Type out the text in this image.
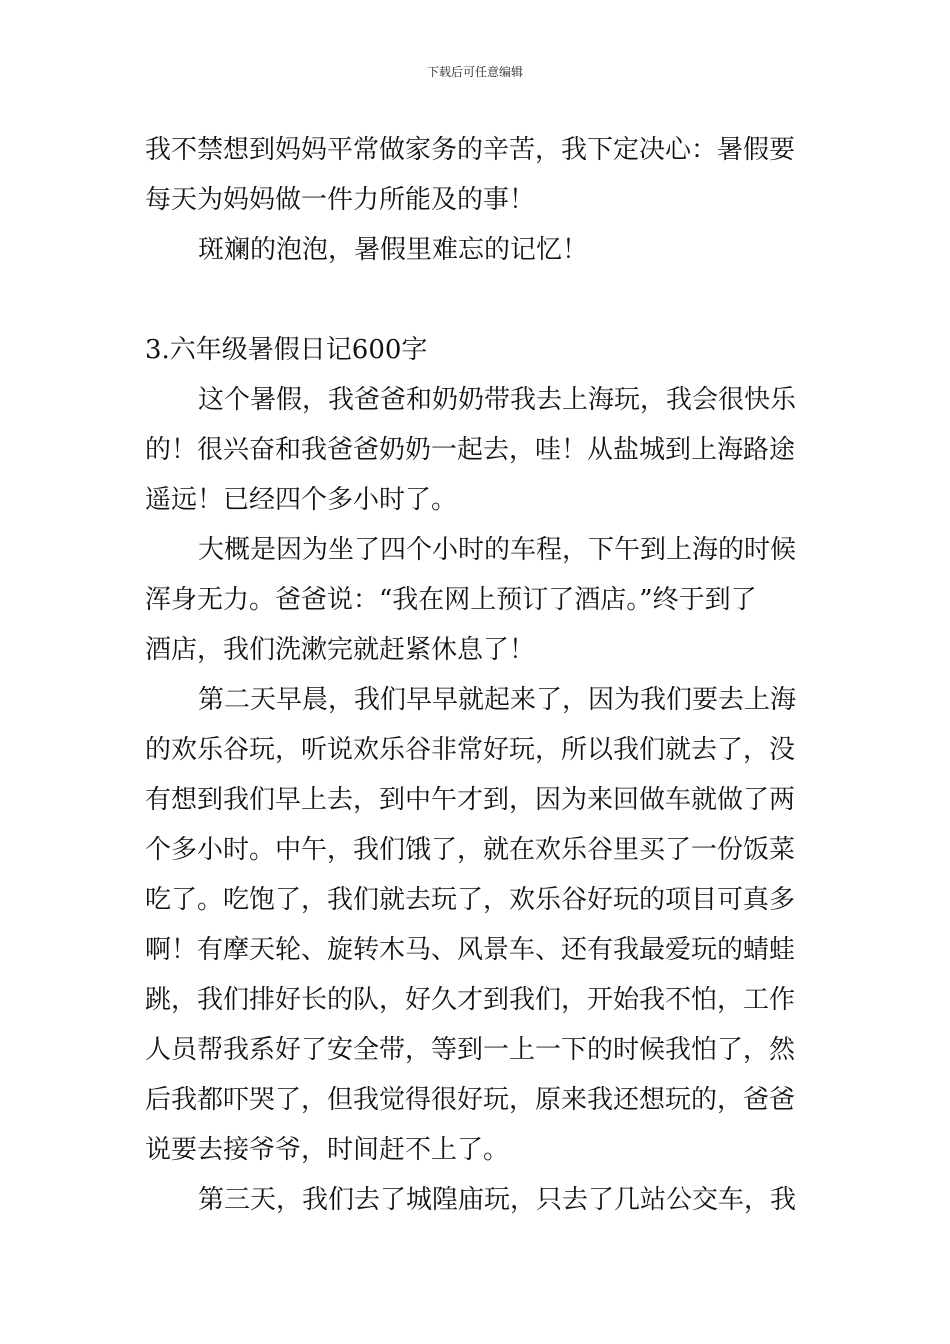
下载后可任意编辑
我不禁想到妈妈平常做家务的辛苦，我下定决心：暑假要
每天为妈妈做一件力所能及的事！
斑斓的泡泡，暑假里难忘的记忆！
3.六年级暑假日记600字
这个暑假，我爸爸和奶奶带我去上海玩，我会很快乐
的！很兴奋和我爸爸奶奶一起去，哇！从盐城到上海路途
遥远！已经四个多小时了。
大概是因为坐了四个小时的车程，下午到上海的时候
浑身无力。爸爸说：“我在网上预订了酒店。”终于到了
酒店，我们洗漱完就赶紧休息了！
第二天早晨，我们早早就起来了，因为我们要去上海
的欢乐谷玩，听说欢乐谷非常好玩，所以我们就去了，没
有想到我们早上去，到中午才到，因为来回做车就做了两
个多小时。中午，我们饿了，就在欢乐谷里买了一份饭菜
吃了。吃饱了，我们就去玩了，欢乐谷好玩的项目可真多
啊！有摩天轮、旋转木马、风景车、还有我最爱玩的蜻蛙
跳，我们排好长的队，好久才到我们，开始我不怕，工作
人员帮我系好了安全带，等到一上一下的时候我怕了，然
后我都吓哭了，但我觉得很好玩，原来我还想玩的，爸爸
说要去接爷爷，时间赶不上了。
第三天，我们去了城隍庙玩，只去了几站公交车，我
